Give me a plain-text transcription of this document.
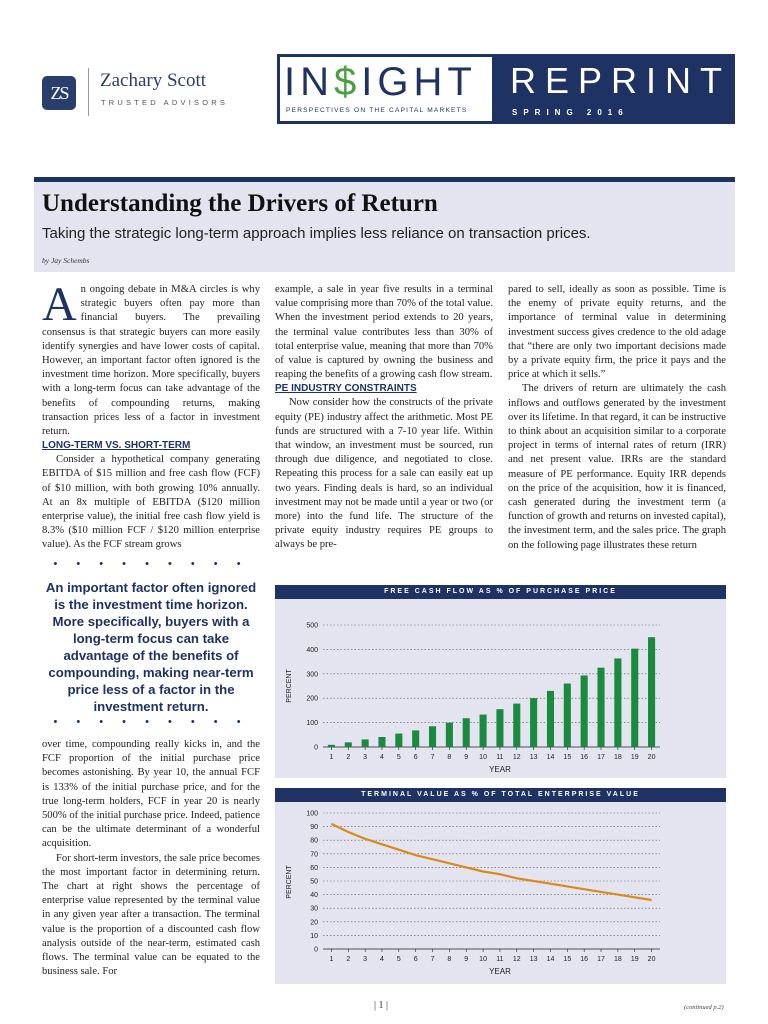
ZS
Zachary Scott
TRUSTED ADVISORS IN$IGHT
PERSPECTIVES ON THE CAPITAL MARKETS
REPRINT
SPRING 2016
Understanding the Drivers of Return
Taking the strategic long-term approach implies less reliance on transaction prices.
by Jay Schembs

An ongoing debate in M&A circles is why strategic buyers often pay more than financial buyers. The prevailing consensus is that strategic buyers can more easily identify synergies and have lower costs of capital. However, an important factor often ignored is the investment time horizon. More specifically, buyers with a long-term focus can take advantage of the benefits of compounding returns, making transaction prices less of a factor in investment return.

LONG-TERM VS. SHORT-TERM

Consider a hypothetical company generating EBITDA of $15 million and free cash flow (FCF) of $10 million, with both growing 10% annually. At an 8x multiple of EBITDA ($120 million enterprise value), the initial free cash flow yield is 8.3% ($10 million FCF / $120 million enterprise value). As the FCF stream grows

• • • • • • • • •
An important factor often ignored is the investment time horizon. More specifically, buyers with a long-term focus can take advantage of the benefits of compounding, making near-term price less of a factor in the investment return.
• • • • • • • • •

over time, compounding really kicks in, and the FCF proportion of the initial purchase price becomes astonishing. By year 10, the annual FCF is 133% of the initial purchase price, and for the true long-term holders, FCF in year 20 is nearly 500% of the initial purchase price. Indeed, patience can be the ultimate determinant of a wonderful acquisition.

For short-term investors, the sale price becomes the most important factor in determining return. The chart at right shows the percentage of enterprise value represented by the terminal value in any given year after a transaction. The terminal value is the proportion of a discounted cash flow analysis outside of the near-term, estimated cash flows. The terminal value can be equated to the business sale. For

example, a sale in year five results in a terminal value comprising more than 70% of the total value. When the investment period extends to 20 years, the terminal value contributes less than 30% of total enterprise value, meaning that more than 70% of value is captured by owning the business and reaping the benefits of a growing cash flow stream.

PE INDUSTRY CONSTRAINTS

Now consider how the constructs of the private equity (PE) industry affect the arithmetic. Most PE funds are structured with a 7-10 year life. Within that window, an investment must be sourced, run through due diligence, and negotiated to close. Repeating this process for a sale can easily eat up two years. Finding deals is hard, so an individual investment may not be made until a year or two (or more) into the fund life. The structure of the private equity industry requires PE groups to always be pre-

pared to sell, ideally as soon as possible. Time is the enemy of private equity returns, and the importance of terminal value in determining investment success gives credence to the old adage that “there are only two important decisions made by a private equity firm, the price it pays and the price at which it sells.”

The drivers of return are ultimately the cash inflows and outflows generated by the investment over its lifetime. In that regard, it can be instructive to think about an acquisition similar to a corporate project in terms of internal rates of return (IRR) and net present value. IRRs are the standard measure of PE performance. Equity IRR depends on the price of the acquisition, how it is financed, cash generated during the investment term (a function of growth and returns on invested capital), the investment term, and the sales price. The graph on the following page illustrates these return

FREE CASH FLOW AS % OF PURCHASE PRICE
1 2 3 4 5 6 7 8 9 10 11 12 13 14 15 16 17 18 19 20
0
100
200
300
400
500
YEAR
PERCENT
TERMINAL VALUE AS % OF TOTAL ENTERPRISE VALUE
1 2 3 4 5 6 7 8 9 10 11 12 13 14 15 16 17 18 19 20
0
10
20
30
40
50
60
70
80
90
100
YEAR
PERCENT
| 1 |	(continued p.2)
